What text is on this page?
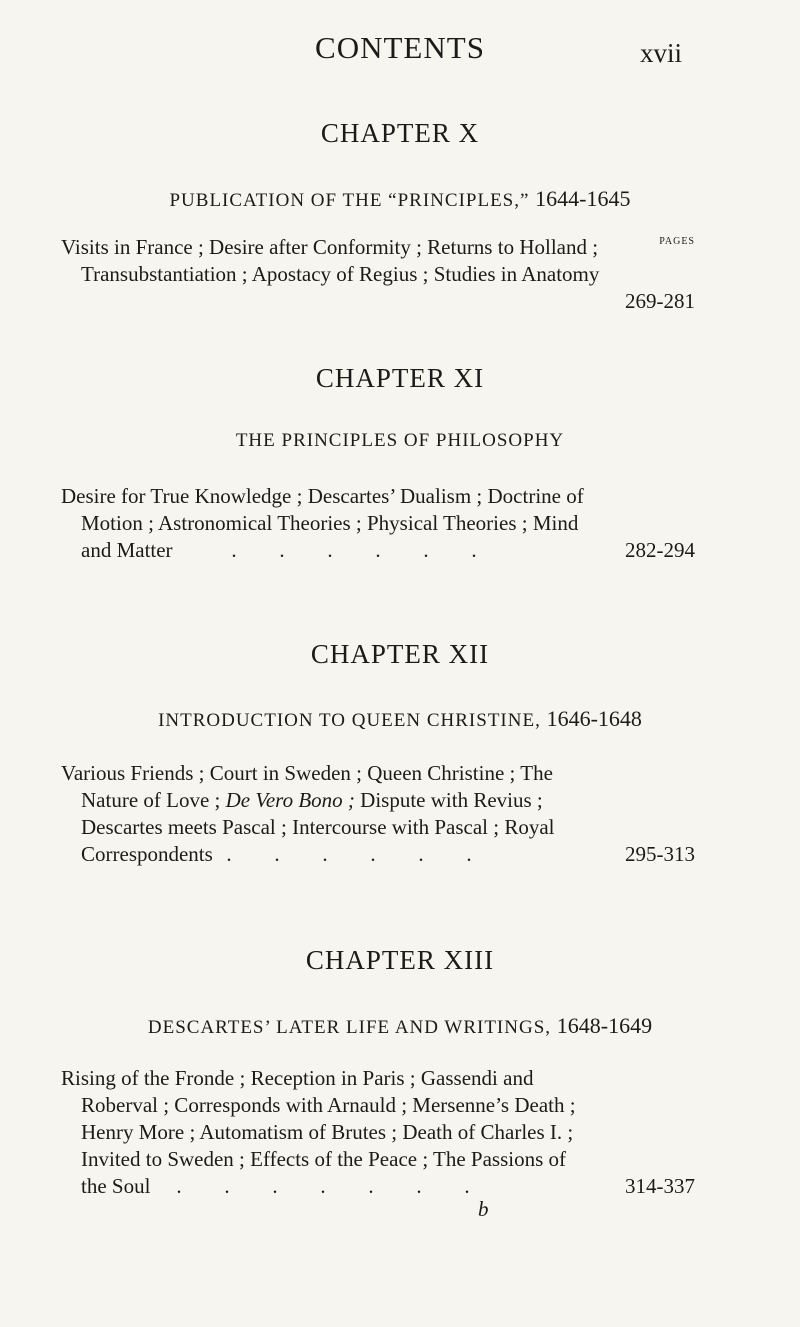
CONTENTS	xvii

CHAPTER X

PUBLICATION OF THE “PRINCIPLES,” 1644-1645

PAGES
Visits in France ; Desire after Conformity ; Returns to Holland ;
Transubstantiation ; Apostacy of Regius ; Studies in Anatomy
269-281

CHAPTER XI

THE PRINCIPLES OF PHILOSOPHY

Desire for True Knowledge ; Descartes’ Dualism ; Doctrine of
Motion ; Astronomical Theories ; Physical Theories ; Mind
and Matter	. . . . . .	282-294

CHAPTER XII

INTRODUCTION TO QUEEN CHRISTINE, 1646-1648

Various Friends ; Court in Sweden ; Queen Christine ; The
Nature of Love ; De Vero Bono ; Dispute with Revius ;
Descartes meets Pascal ; Intercourse with Pascal ; Royal
Correspondents . . . . . .	295-313

CHAPTER XIII

DESCARTES’ LATER LIFE AND WRITINGS, 1648-1649

Rising of the Fronde ; Reception in Paris ; Gassendi and
Roberval ; Corresponds with Arnauld ; Mersenne’s Death ;
Henry More ; Automatism of Brutes ; Death of Charles I. ;
Invited to Sweden ; Effects of the Peace ; The Passions of
the Soul	. . . . . . .	314-337
b
